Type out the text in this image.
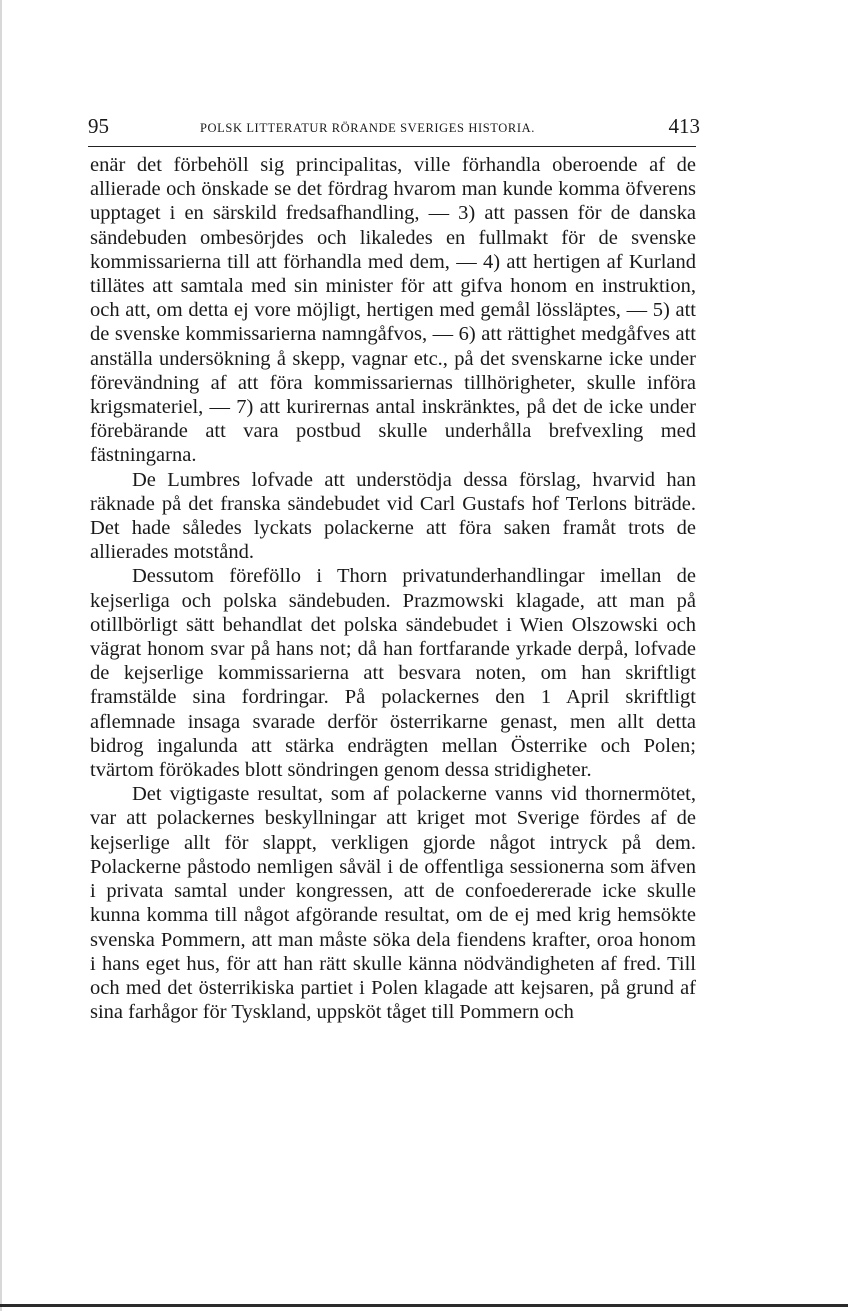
95	POLSK LITTERATUR RÖRANDE SVERIGES HISTORIA.	413

enär det förbehöll sig principalitas, ville förhandla oberoende af de allierade och önskade se det fördrag hvarom man kunde komma öfverens upptaget i en särskild fredsafhandling, — 3) att passen för de danska sändebuden ombesörjdes och likaledes en fullmakt för de svenske kommissarierna till att förhandla med dem, — 4) att hertigen af Kurland tillätes att samtala med sin minister för att gifva honom en instruktion, och att, om detta ej vore möjligt, hertigen med gemål lössläptes, — 5) att de svenske kommissarierna namngåfvos, — 6) att rättighet medgåfves att anställa undersökning å skepp, vagnar etc., på det svenskarne icke under förevändning af att föra kommissariernas tillhörigheter, skulle införa krigsmateriel, — 7) att kurirernas antal inskränktes, på det de icke under förebärande att vara postbud skulle underhålla brefvexling med fästningarna.

De Lumbres lofvade att understödja dessa förslag, hvarvid han räknade på det franska sändebudet vid Carl Gustafs hof Terlons biträde. Det hade således lyckats polackerne att föra saken framåt trots de allierades motstånd.

Dessutom föreföllo i Thorn privatunderhandlingar imellan de kejserliga och polska sändebuden. Prazmowski klagade, att man på otillbörligt sätt behandlat det polska sändebudet i Wien Olszowski och vägrat honom svar på hans not; då han fortfarande yrkade derpå, lofvade de kejserlige kommissarierna att besvara noten, om han skriftligt framstälde sina fordringar. På polackernes den 1 April skriftligt aflemnade insaga svarade derför österrikarne genast, men allt detta bidrog ingalunda att stärka endrägten mellan Österrike och Polen; tvärtom förökades blott söndringen genom dessa stridigheter.

Det vigtigaste resultat, som af polackerne vanns vid thornermötet, var att polackernes beskyllningar att kriget mot Sverige fördes af de kejserlige allt för slappt, verkligen gjorde något intryck på dem. Polackerne påstodo nemligen såväl i de offentliga sessionerna som äfven i privata samtal under kongressen, att de confoedererade icke skulle kunna komma till något afgörande resultat, om de ej med krig hemsökte svenska Pommern, att man måste söka dela fiendens krafter, oroa honom i hans eget hus, för att han rätt skulle känna nödvändigheten af fred. Till och med det österrikiska partiet i Polen klagade att kejsaren, på grund af sina farhågor för Tyskland, uppsköt tåget till Pommern och
